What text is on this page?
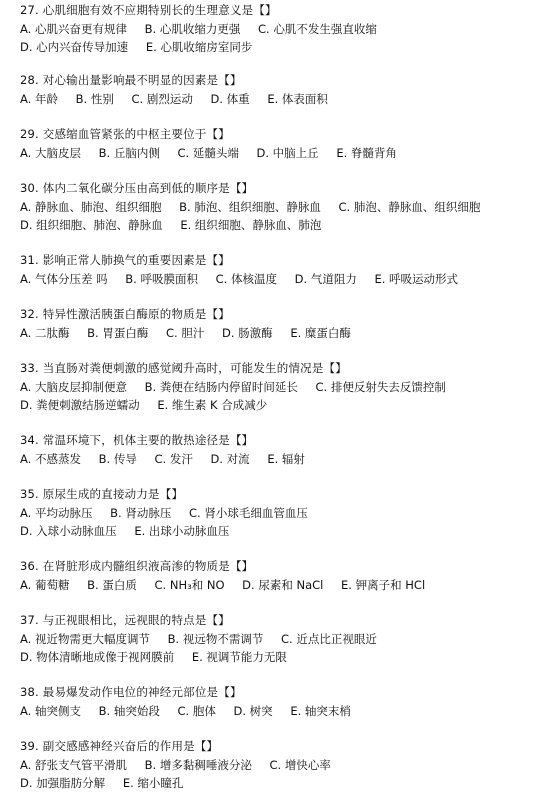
27. 心肌细胞有效不应期特别长的生理意义是【】
A. 心肌兴奋更有规律 B. 心肌收缩力更强 C. 心肌不发生强直收缩
D. 心内兴奋传导加速 E. 心肌收缩房室同步
28. 对心输出量影响最不明显的因素是【】
A. 年龄 B. 性别 C. 剧烈运动 D. 体重 E. 体表面积
29. 交感缩血管紧张的中枢主要位于【】
A. 大脑皮层 B. 丘脑内侧 C. 延髓头端 D. 中脑上丘 E. 脊髓背角
30. 体内二氧化碳分压由高到低的顺序是【】
A. 静脉血、肺泡、组织细胞 B. 肺泡、组织细胞、静脉血 C. 肺泡、静脉血、组织细胞
D. 组织细胞、肺泡、静脉血 E. 组织细胞、静脉血、肺泡
31. 影响正常人肺换气的重要因素是【】
A. 气体分压差 吗 B. 呼吸膜面积 C. 体核温度 D. 气道阻力 E. 呼吸运动形式
32. 特异性激活胰蛋白酶原的物质是【】
A. 二肽酶 B. 胃蛋白酶 C. 胆汁 D. 肠激酶 E. 糜蛋白酶
33. 当直肠对粪便刺激的感觉阈升高时，可能发生的情况是【】
A. 大脑皮层抑制便意 B. 粪便在结肠内停留时间延长 C. 排便反射失去反馈控制
D. 粪便刺激结肠逆蠕动 E. 维生素 K 合成减少
34. 常温环境下，机体主要的散热途径是【】
A. 不感蒸发 B. 传导 C. 发汗 D. 对流 E. 辐射
35. 原尿生成的直接动力是【】
A. 平均动脉压 B. 肾动脉压 C. 肾小球毛细血管血压
D. 入球小动脉血压 E. 出球小动脉血压
36. 在肾脏形成内髓组织液高渗的物质是【】
A. 葡萄糖 B. 蛋白质 C. NH₃和 NO D. 尿素和 NaCl E. 钾离子和 HCl
37. 与正视眼相比，远视眼的特点是【】
A. 视近物需更大幅度调节 B. 视远物不需调节 C. 近点比正视眼近
D. 物体清晰地成像于视网膜前 E. 视调节能力无限
38. 最易爆发动作电位的神经元部位是【】
A. 轴突侧支 B. 轴突始段 C. 胞体 D. 树突 E. 轴突末梢
39. 副交感感神经兴奋后的作用是【】
A. 舒张支气管平滑肌 B. 增多黏稠唾液分泌 C. 增快心率
D. 加强脂肪分解 E. 缩小瞳孔
